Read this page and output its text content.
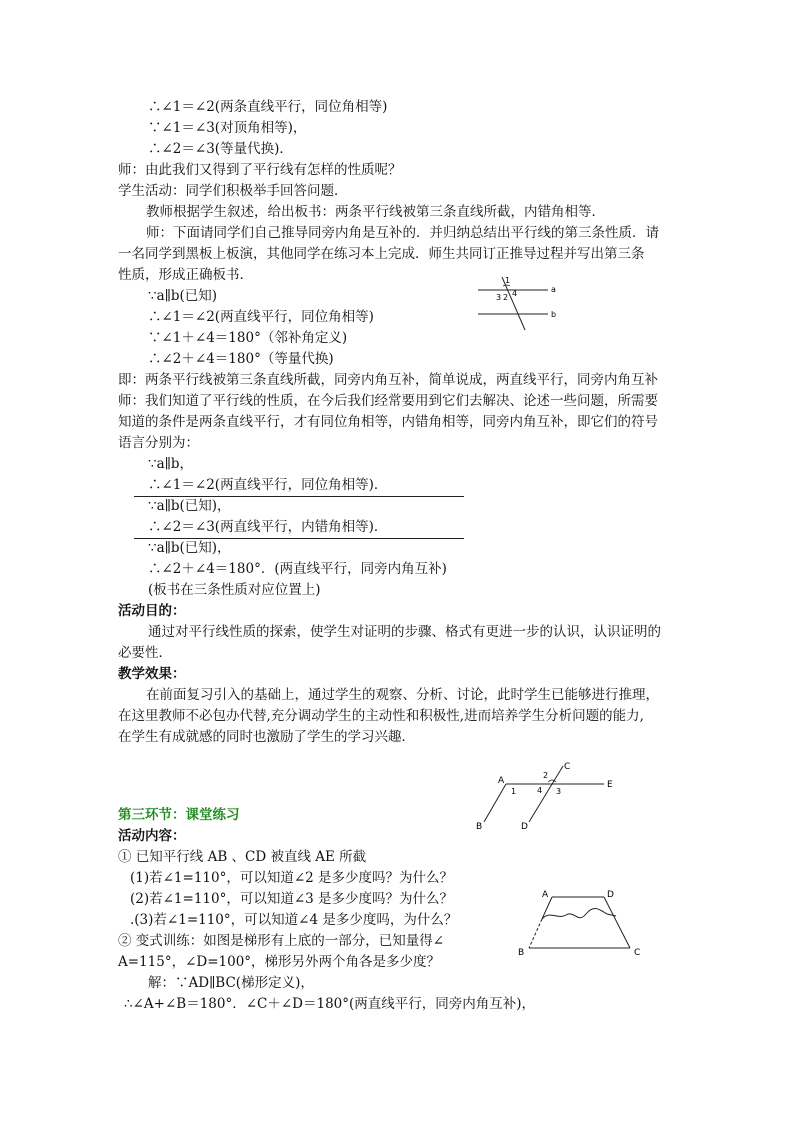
∴∠1＝∠2(两条直线平行，同位角相等)
∵∠1＝∠3(对顶角相等)，
∴∠2＝∠3(等量代换)．
师：由此我们又得到了平行线有怎样的性质呢？
学生活动：同学们积极举手回答问题．
教师根据学生叙述，给出板书：两条平行线被第三条直线所截，内错角相等．
师：下面请同学们自己推导同旁内角是互补的．并归纳总结出平行线的第三条性质．请
一名同学到黑板上板演，其他同学在练习本上完成．师生共同订正推导过程并写出第三条
性质，形成正确板书．
∵a∥b(已知)
∴∠1＝∠2(两直线平行，同位角相等)
∵∠1＋∠4＝180°（邻补角定义)
∴∠2＋∠4＝180°（等量代换)
即：两条平行线被第三条直线所截，同旁内角互补，简单说成，两直线平行，同旁内角互补
师：我们知道了平行线的性质，在今后我们经常要用到它们去解决、论述一些问题，所需要
知道的条件是两条直线平行，才有同位角相等，内错角相等，同旁内角互补，即它们的符号
语言分别为：
∵a∥b，
∴∠1＝∠2(两直线平行，同位角相等)．
∵a∥b(已知)，
∴∠2＝∠3(两直线平行，内错角相等)．
∵a∥b(已知)，
∴∠2＋∠4＝180°．(两直线平行，同旁内角互补)
(板书在三条性质对应位置上)
活动目的：
通过对平行线性质的探索，使学生对证明的步骤、格式有更进一步的认识，认识证明的
必要性．
教学效果：
在前面复习引入的基础上，通过学生的观察、分析、讨论，此时学生已能够进行推理，
在这里教师不必包办代替,充分调动学生的主动性和积极性,进而培养学生分析问题的能力,
在学生有成就感的同时也激励了学生的学习兴趣．
第三环节：课堂练习
活动内容：
① 已知平行线 AB 、CD 被直线 AE 所截
(1)若∠1=110°，可以知道∠2 是多少度吗？为什么？
(2)若∠1=110°，可以知道∠3 是多少度吗？为什么？
.(3)若∠1=110°，可以知道∠4 是多少度吗，为什么？
② 变式训练：如图是梯形有上底的一部分，已知量得∠
A=115°，∠D=100°，梯形另外两个角各是多少度？
解：∵AD∥BC(梯形定义)，
∴∠A+∠B＝180°．∠C＋∠D＝180°(两直线平行，同旁内角互补)，
1
3 2 4	a
b
A	E
C
2
1	4 3
B	D
A	D
B	C
